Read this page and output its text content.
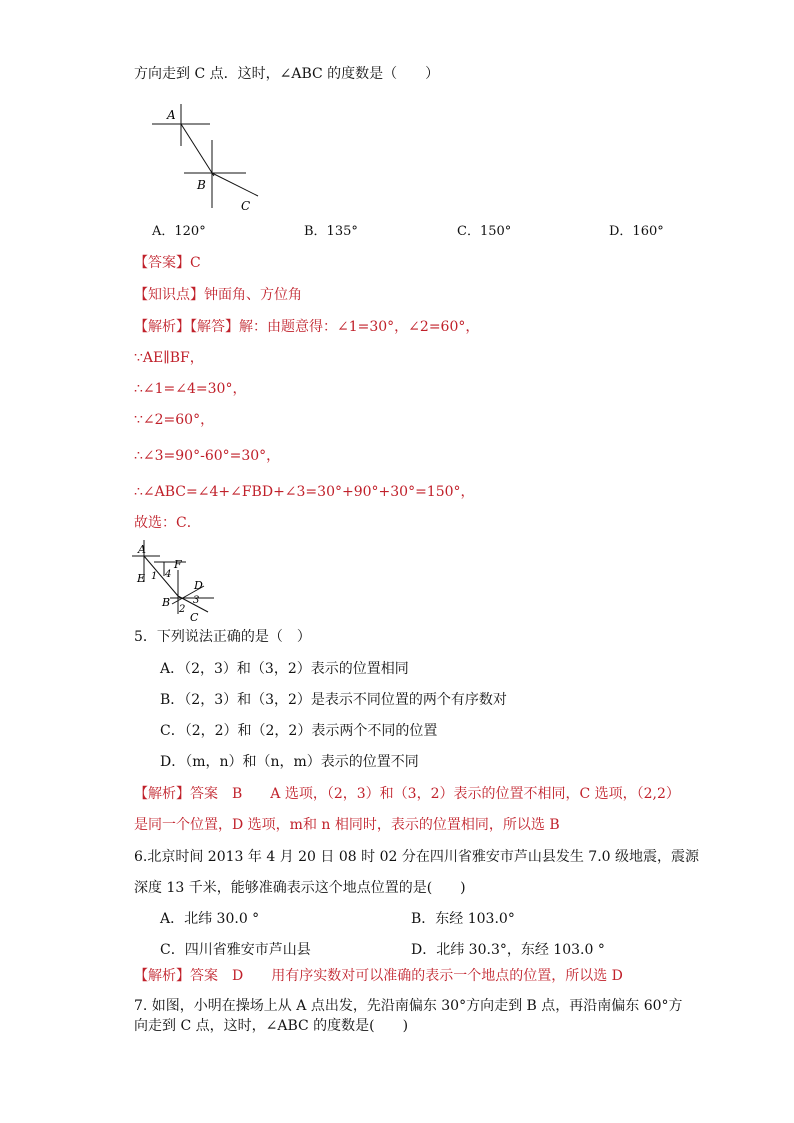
方向走到 C 点．这时，∠ABC 的度数是（　　）
A
B
C
A．120°	B．135°	C．150°	D．160°
【答案】C
【知识点】钟面角、方位角
【解析】【解答】解：由题意得：∠1=30°，∠2=60°，
∵AE∥BF，
∴∠1=∠4=30°，
∵∠2=60°，
∴∠3=90°-60°=30°，
∴∠ABC=∠4+∠FBD+∠3=30°+90°+30°=150°，
故选：C．
A
E 1 4
F
D
B
2
3
C
5．下列说法正确的是（　）
A．（2，3）和（3，2）表示的位置相同
B．（2，3）和（3，2）是表示不同位置的两个有序数对
C．（2，2）和（2，2）表示两个不同的位置
D．（m，n）和（n，m）表示的位置不同
【解析】答案　B　　A 选项，（2，3）和（3，2）表示的位置不相同，C 选项，（2,2）
是同一个位置，D 选项，m和 n 相同时，表示的位置相同，所以选 B
6.北京时间 2013 年 4 月 20 日 08 时 02 分在四川省雅安市芦山县发生 7.0 级地震，震源
深度 13 千米，能够准确表示这个地点位置的是(　　)
A．北纬 30.0 °	B．东经 103.0°
C．四川省雅安市芦山县	D．北纬 30.3°，东经 103.0 °
【解析】答案　D　　用有序实数对可以准确的表示一个地点的位置，所以选 D
7. 如图，小明在操场上从 A 点出发，先沿南偏东 30°方向走到 B 点，再沿南偏东 60°方
向走到 C 点，这时，∠ABC 的度数是(　　)
